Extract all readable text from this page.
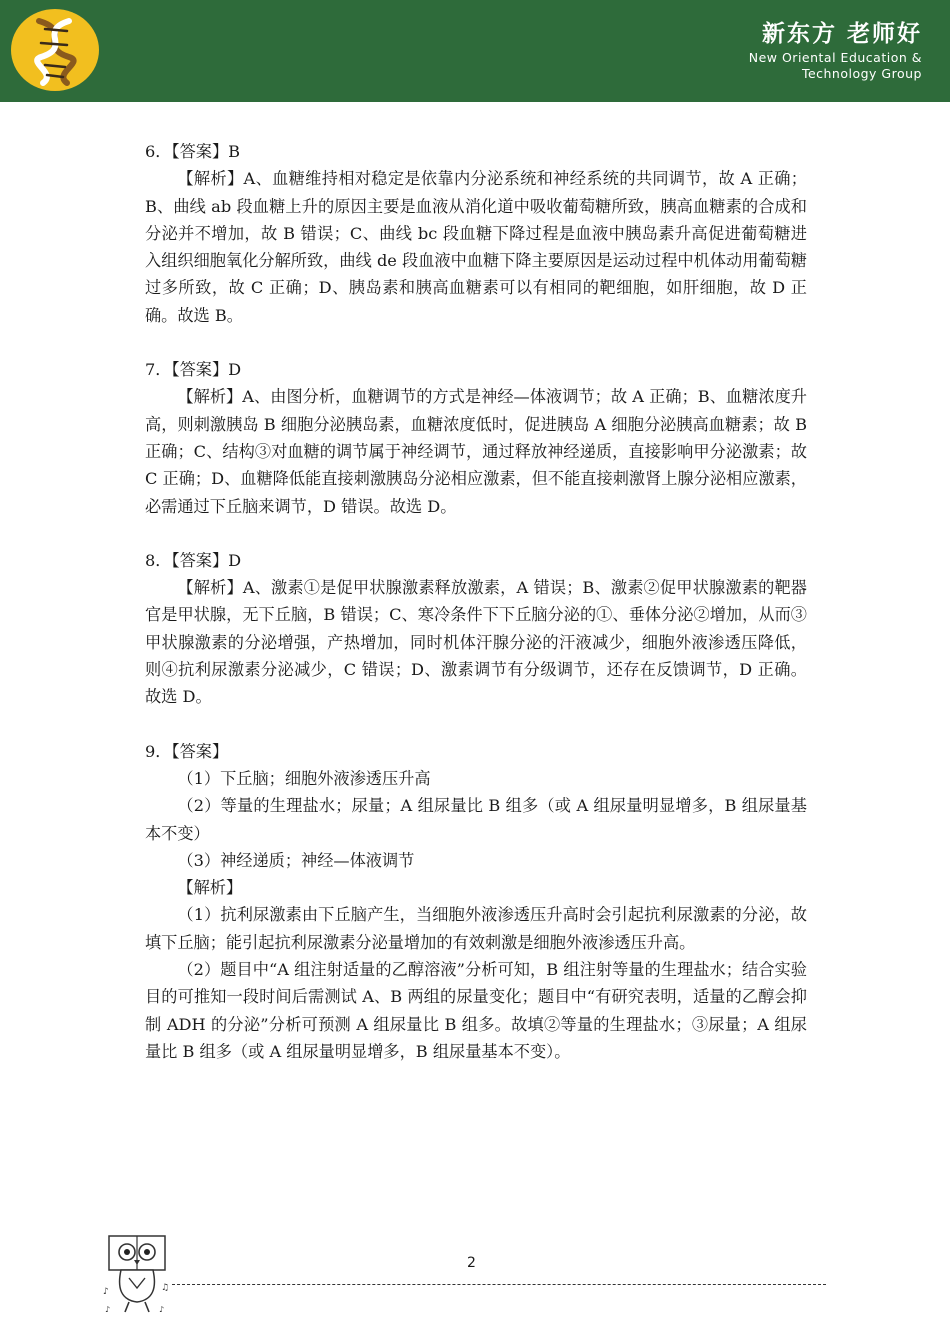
新东方 老师好
New Oriental Education &
Technology Group

6．【答案】B

【解析】A、血糖维持相对稳定是依靠内分泌系统和神经系统的共同调节，故 A 正确；B、曲线 ab 段血糖上升的原因主要是血液从消化道中吸收葡萄糖所致，胰高血糖素的合成和分泌并不增加，故 B 错误；C、曲线 bc 段血糖下降过程是血液中胰岛素升高促进葡萄糖进入组织细胞氧化分解所致，曲线 de 段血液中血糖下降主要原因是运动过程中机体动用葡萄糖过多所致，故 C 正确；D、胰岛素和胰高血糖素可以有相同的靶细胞，如肝细胞，故 D 正确。故选 B。

7．【答案】D

【解析】A、由图分析，血糖调节的方式是神经—体液调节；故 A 正确；B、血糖浓度升高，则刺激胰岛 B 细胞分泌胰岛素，血糖浓度低时，促进胰岛 A 细胞分泌胰高血糖素；故 B 正确；C、结构③对血糖的调节属于神经调节，通过释放神经递质，直接影响甲分泌激素；故 C 正确；D、血糖降低能直接刺激胰岛分泌相应激素，但不能直接刺激肾上腺分泌相应激素，必需通过下丘脑来调节，D 错误。故选 D。

8．【答案】D

【解析】A、激素①是促甲状腺激素释放激素，A 错误；B、激素②促甲状腺激素的靶器官是甲状腺，无下丘脑，B 错误；C、寒冷条件下下丘脑分泌的①、垂体分泌②增加，从而③甲状腺激素的分泌增强，产热增加，同时机体汗腺分泌的汗液减少，细胞外液渗透压降低，则④抗利尿激素分泌减少，C 错误；D、激素调节有分级调节，还存在反馈调节，D 正确。故选 D。

9．【答案】

（1）下丘脑；细胞外液渗透压升高

（2）等量的生理盐水；尿量；A 组尿量比 B 组多（或 A 组尿量明显增多，B 组尿量基本不变）

（3）神经递质；神经—体液调节

【解析】

（1）抗利尿激素由下丘脑产生，当细胞外液渗透压升高时会引起抗利尿激素的分泌，故填下丘脑；能引起抗利尿激素分泌量增加的有效刺激是细胞外液渗透压升高。

（2）题目中“A 组注射适量的乙醇溶液”分析可知，B 组注射等量的生理盐水；结合实验目的可推知一段时间后需测试 A、B 两组的尿量变化；题目中“有研究表明，适量的乙醇会抑制 ADH 的分泌”分析可预测 A 组尿量比 B 组多。故填②等量的生理盐水；③尿量；A 组尿量比 B 组多（或 A 组尿量明显增多，B 组尿量基本不变）。

♪	♫
♪	♪
2
